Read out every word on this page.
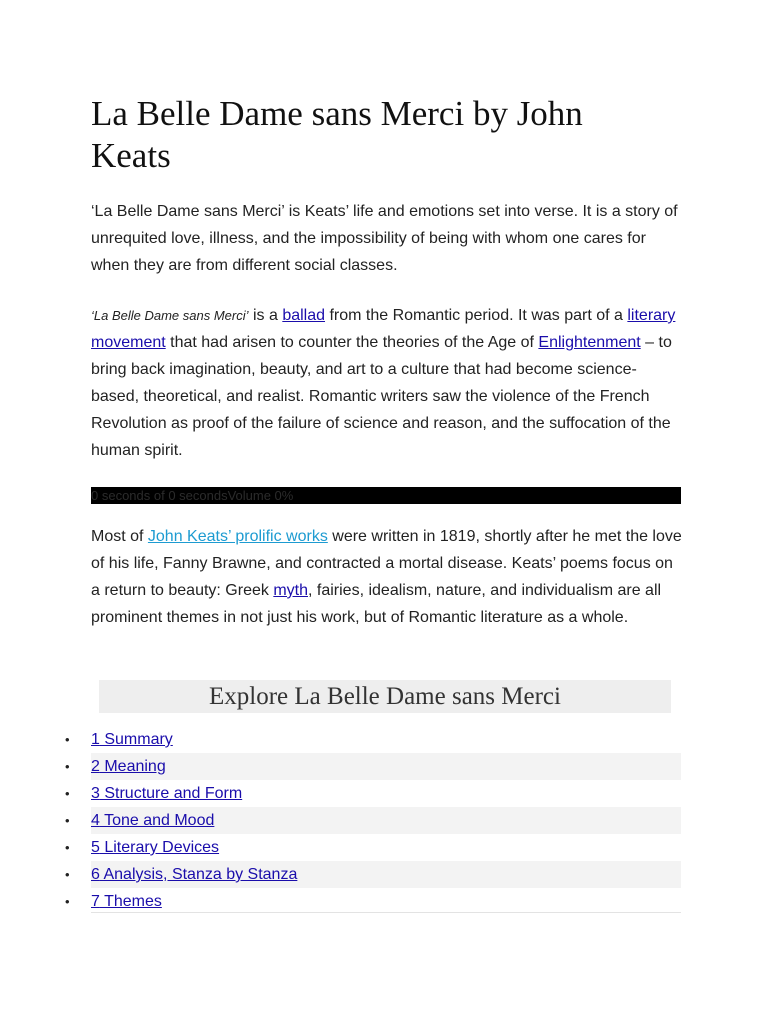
La Belle Dame sans Merci by John Keats

‘La Belle Dame sans Merci’ is Keats’ life and emotions set into verse. It is a story of unrequited love, illness, and the impossibility of being with whom one cares for when they are from different social classes.

‘La Belle Dame sans Merci’ is a ballad from the Romantic period. It was part of a literary movement that had arisen to counter the theories of the Age of Enlightenment – to bring back imagination, beauty, and art to a culture that had become science-based, theoretical, and realist. Romantic writers saw the violence of the French Revolution as proof of the failure of science and reason, and the suffocation of the human spirit.

0 seconds of 0 secondsVolume 0%

Most of John Keats’ prolific works were written in 1819, shortly after he met the love of his life, Fanny Brawne, and contracted a mortal disease. Keats’ poems focus on a return to beauty: Greek myth, fairies, idealism, nature, and individualism are all prominent themes in not just his work, but of Romantic literature as a whole.

Explore La Belle Dame sans Merci
• 1 Summary
• 2 Meaning
• 3 Structure and Form
• 4 Tone and Mood
• 5 Literary Devices
• 6 Analysis, Stanza by Stanza
• 7 Themes
